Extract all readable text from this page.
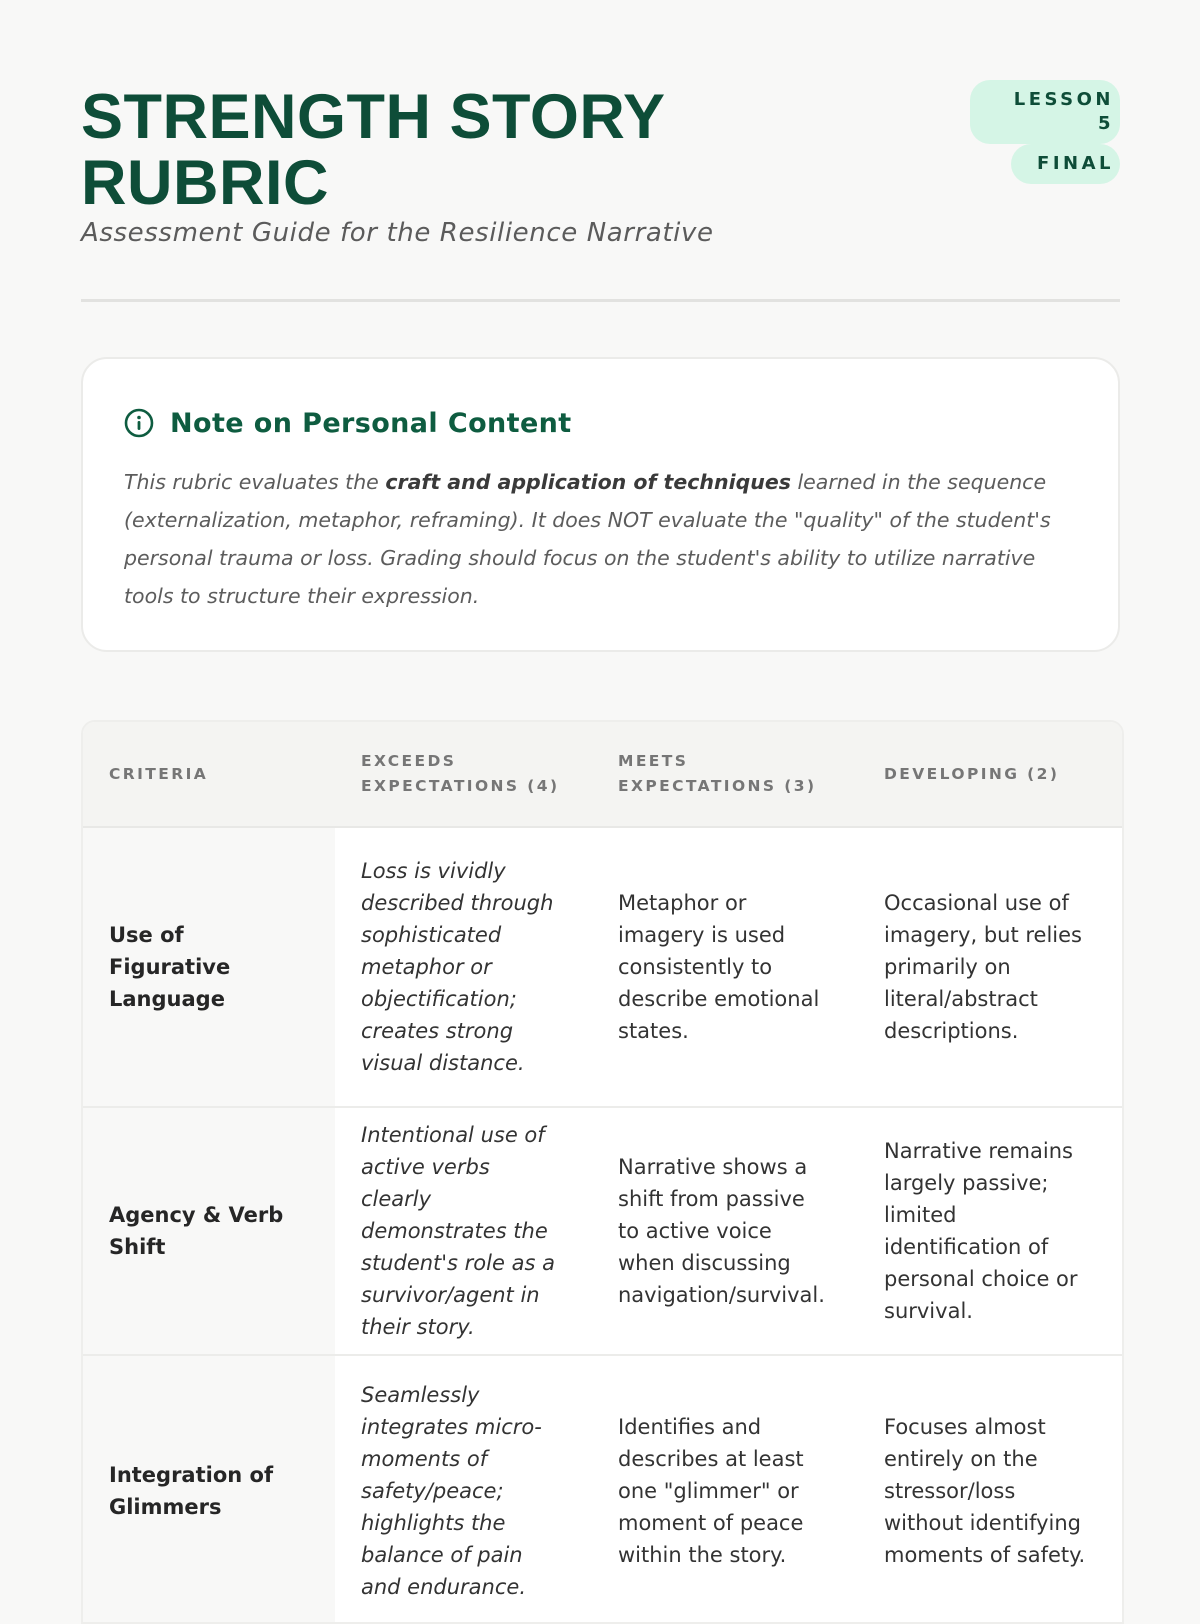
STRENGTH STORY RUBRIC

Assessment Guide for the Resilience Narrative

LESSON 5
FINAL
Note on Personal Content
This rubric evaluates the craft and application of techniques learned in the sequence (externalization, metaphor, reframing). It does NOT evaluate the "quality" of the student's personal trauma or loss. Grading should focus on the student's ability to utilize narrative tools to structure their expression.
CRITERIA	EXCEEDS EXPECTATIONS (4)	MEETS EXPECTATIONS (3)	DEVELOPING (2)
Use of Figurative Language	Loss is vividly described through sophisticated metaphor or objectification; creates strong visual distance.	Metaphor or imagery is used consistently to describe emotional states.	Occasional use of imagery, but relies primarily on literal/abstract descriptions.
Agency & Verb Shift	Intentional use of active verbs clearly demonstrates the student's role as a survivor/agent in their story.	Narrative shows a shift from passive to active voice when discussing navigation/survival.	Narrative remains largely passive; limited identification of personal choice or survival.
Integration of Glimmers	Seamlessly integrates micro-moments of safety/peace; highlights the balance of pain and endurance.	Identifies and describes at least one "glimmer" or moment of peace within the story.	Focuses almost entirely on the stressor/loss without identifying moments of safety.
